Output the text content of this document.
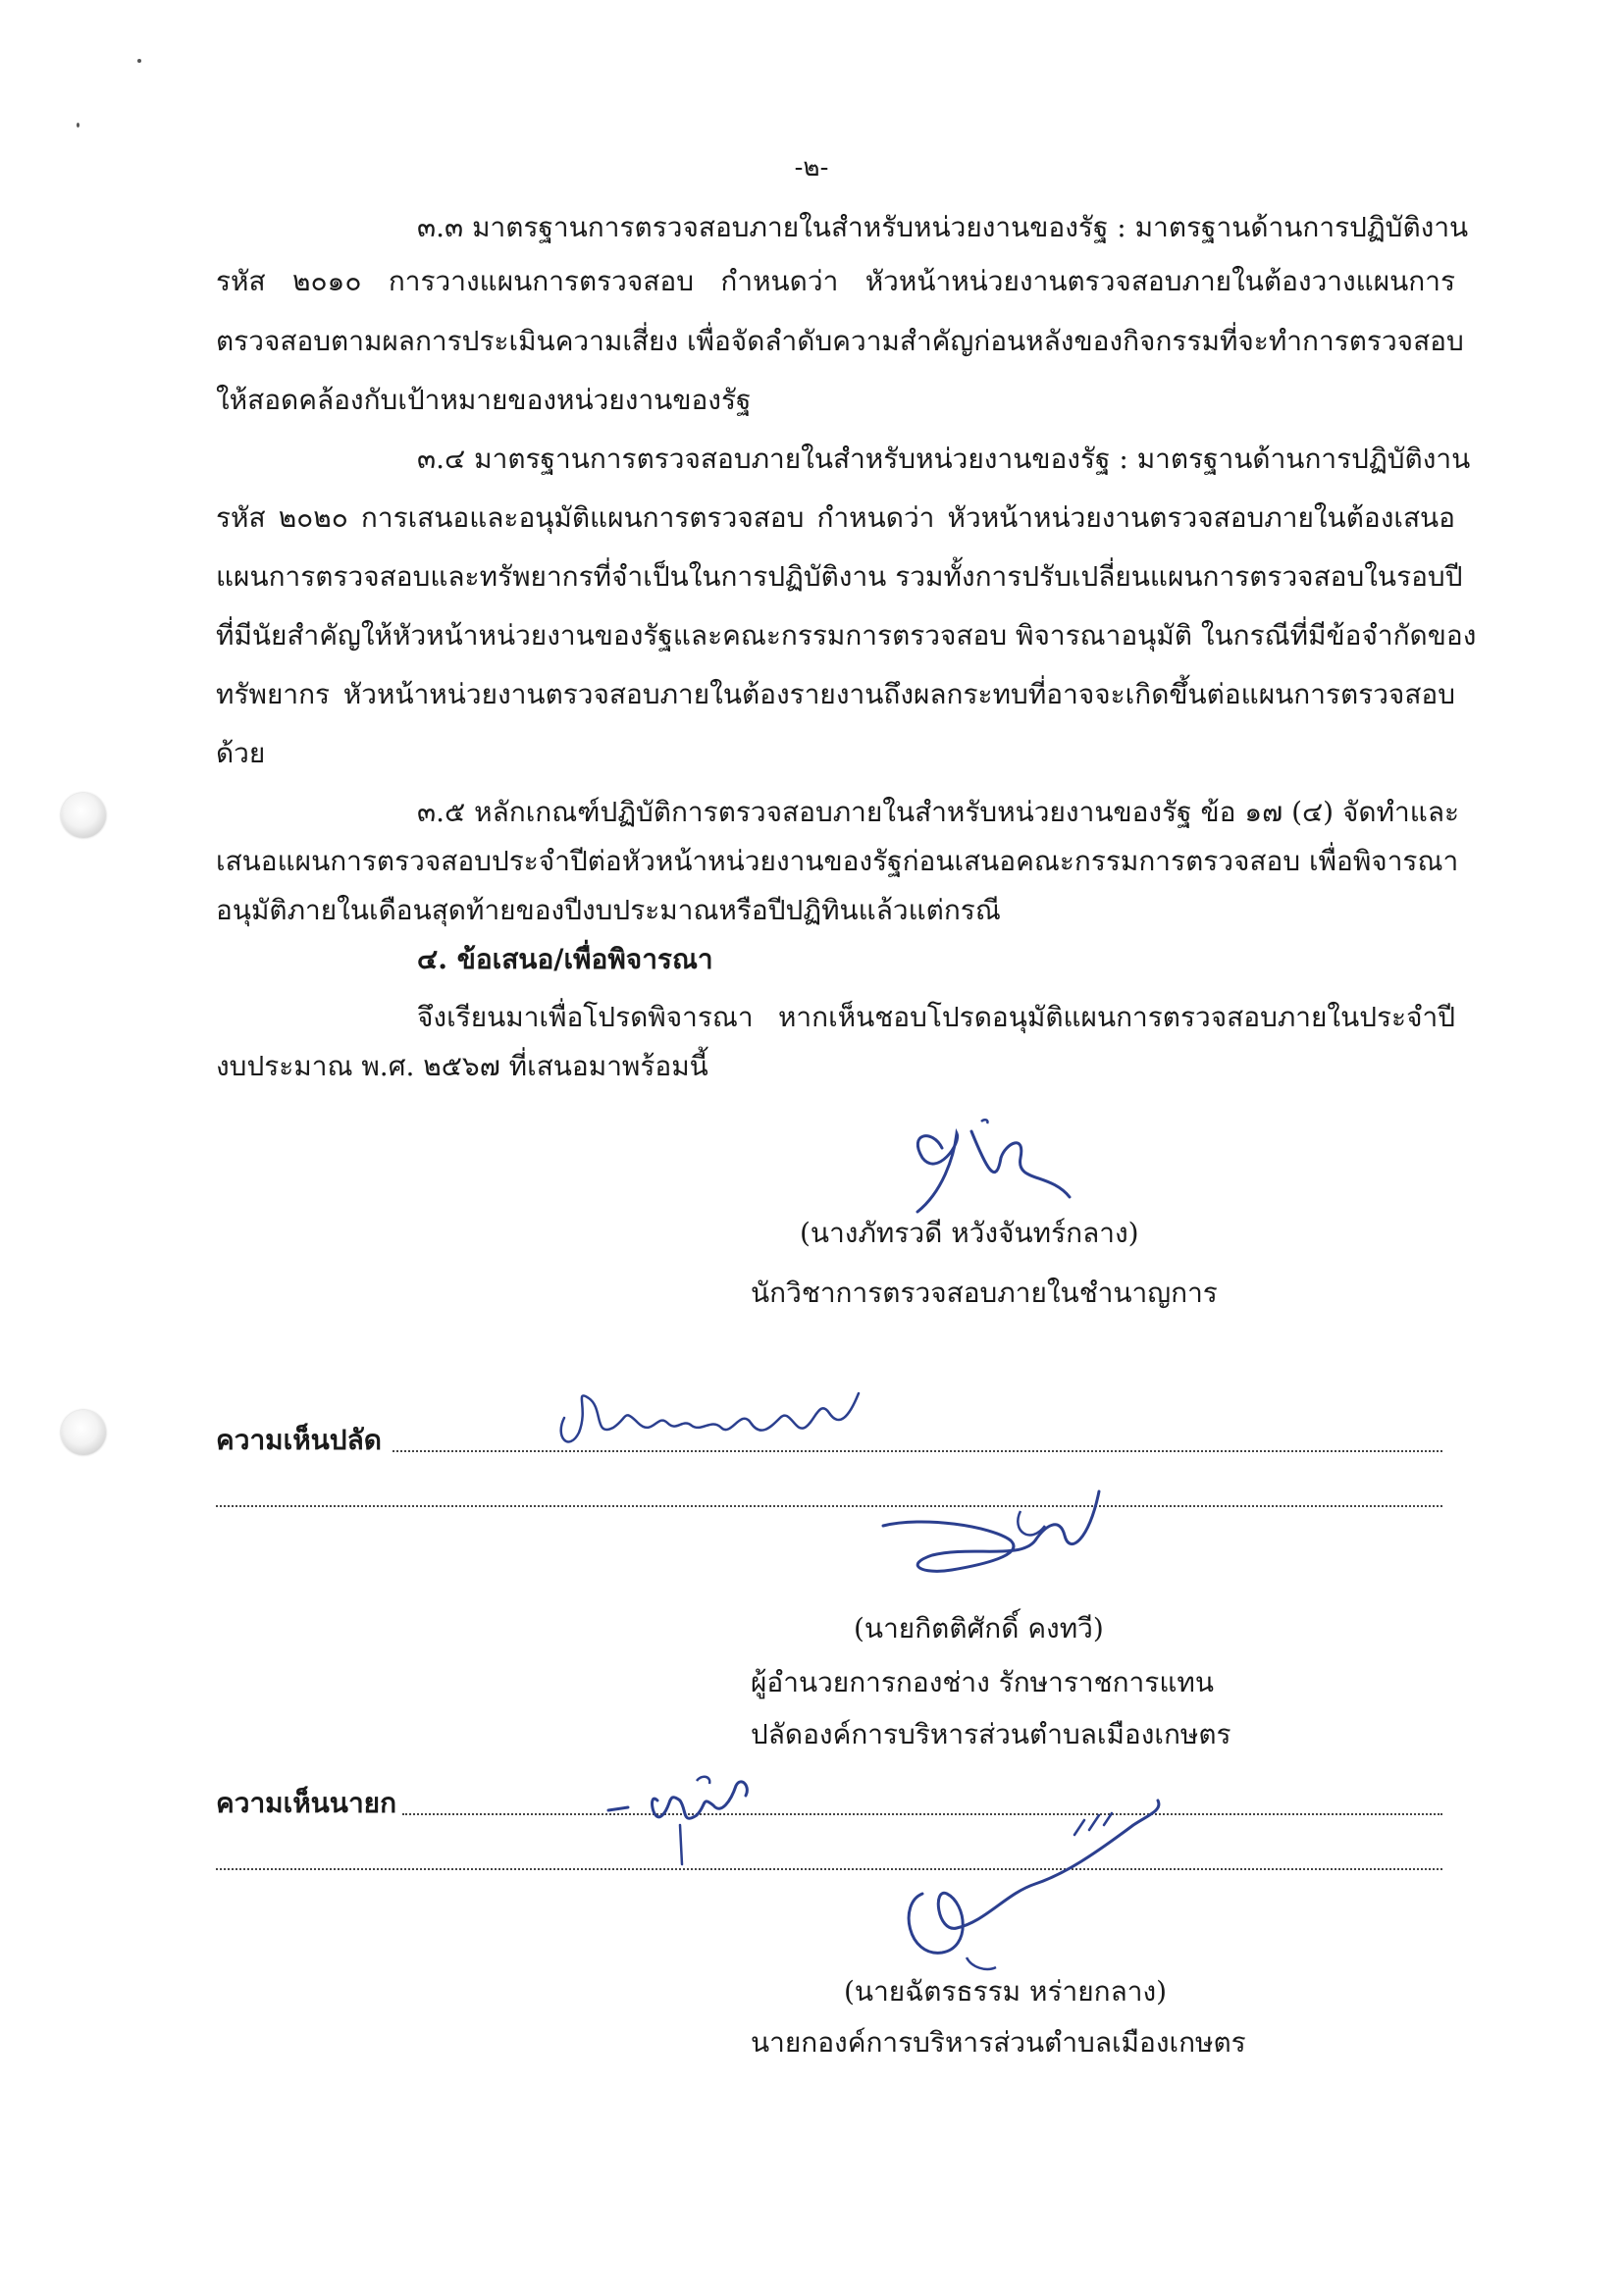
-๒-
๓.๓ มาตรฐานการตรวจสอบภายในสำหรับหน่วยงานของรัฐ : มาตรฐานด้านการปฏิบัติงาน
รหัส ๒๐๑๐ การวางแผนการตรวจสอบ กำหนดว่า หัวหน้าหน่วยงานตรวจสอบภายในต้องวางแผนการ
ตรวจสอบตามผลการประเมินความเสี่ยง เพื่อจัดลำดับความสำคัญก่อนหลังของกิจกรรมที่จะทำการตรวจสอบ
ให้สอดคล้องกับเป้าหมายของหน่วยงานของรัฐ
๓.๔ มาตรฐานการตรวจสอบภายในสำหรับหน่วยงานของรัฐ : มาตรฐานด้านการปฏิบัติงาน
รหัส ๒๐๒๐ การเสนอและอนุมัติแผนการตรวจสอบ กำหนดว่า หัวหน้าหน่วยงานตรวจสอบภายในต้องเสนอ
แผนการตรวจสอบและทรัพยากรที่จำเป็นในการปฏิบัติงาน รวมทั้งการปรับเปลี่ยนแผนการตรวจสอบในรอบปี
ที่มีนัยสำคัญให้หัวหน้าหน่วยงานของรัฐและคณะกรรมการตรวจสอบ พิจารณาอนุมัติ ในกรณีที่มีข้อจำกัดของ
ทรัพยากร หัวหน้าหน่วยงานตรวจสอบภายในต้องรายงานถึงผลกระทบที่อาจจะเกิดขึ้นต่อแผนการตรวจสอบ
ด้วย
๓.๕ หลักเกณฑ์ปฏิบัติการตรวจสอบภายในสำหรับหน่วยงานของรัฐ ข้อ ๑๗ (๔) จัดทำและ
เสนอแผนการตรวจสอบประจำปีต่อหัวหน้าหน่วยงานของรัฐก่อนเสนอคณะกรรมการตรวจสอบ เพื่อพิจารณา
อนุมัติภายในเดือนสุดท้ายของปีงบประมาณหรือปีปฏิทินแล้วแต่กรณี
๔. ข้อเสนอ/เพื่อพิจารณา
จึงเรียนมาเพื่อโปรดพิจารณา หากเห็นชอบโปรดอนุมัติแผนการตรวจสอบภายในประจำปี
งบประมาณ พ.ศ. ๒๕๖๗ ที่เสนอมาพร้อมนี้
(นางภัทรวดี หวังจันทร์กลาง)
นักวิชาการตรวจสอบภายในชำนาญการ
ความเห็นปลัด
(นายกิตติศักดิ์ คงทวี)
ผู้อำนวยการกองช่าง รักษาราชการแทน
ปลัดองค์การบริหารส่วนตำบลเมืองเกษตร
ความเห็นนายก
(นายฉัตรธรรม หร่ายกลาง)
นายกองค์การบริหารส่วนตำบลเมืองเกษตร
